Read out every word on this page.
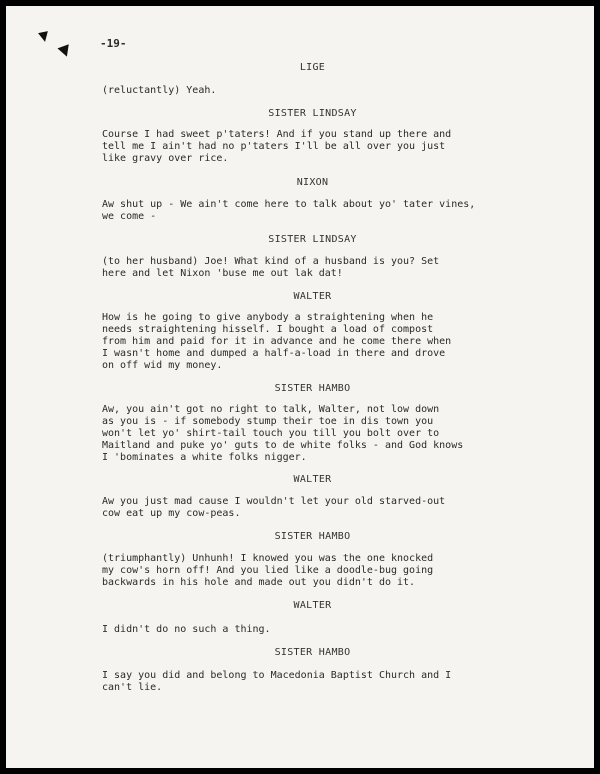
-19-
LIGE
(reluctantly) Yeah.
SISTER LINDSAY
Course I had sweet p'taters! And if you stand up there and
tell me I ain't had no p'taters I'll be all over you just
like gravy over rice.
NIXON
Aw shut up - We ain't come here to talk about yo' tater vines,
we come -
SISTER LINDSAY
(to her husband) Joe! What kind of a husband is you? Set
here and let Nixon 'buse me out lak dat!
WALTER
How is he going to give anybody a straightening when he
needs straightening hisself. I bought a load of compost
from him and paid for it in advance and he come there when
I wasn't home and dumped a half-a-load in there and drove
on off wid my money.
SISTER HAMBO
Aw, you ain't got no right to talk, Walter, not low down
as you is - if somebody stump their toe in dis town you
won't let yo' shirt-tail touch you till you bolt over to
Maitland and puke yo' guts to de white folks - and God knows
I 'bominates a white folks nigger.
WALTER
Aw you just mad cause I wouldn't let your old starved-out
cow eat up my cow-peas.
SISTER HAMBO
(triumphantly) Unhunh! I knowed you was the one knocked
my cow's horn off! And you lied like a doodle-bug going
backwards in his hole and made out you didn't do it.
WALTER
I didn't do no such a thing.
SISTER HAMBO
I say you did and belong to Macedonia Baptist Church and I
can't lie.
